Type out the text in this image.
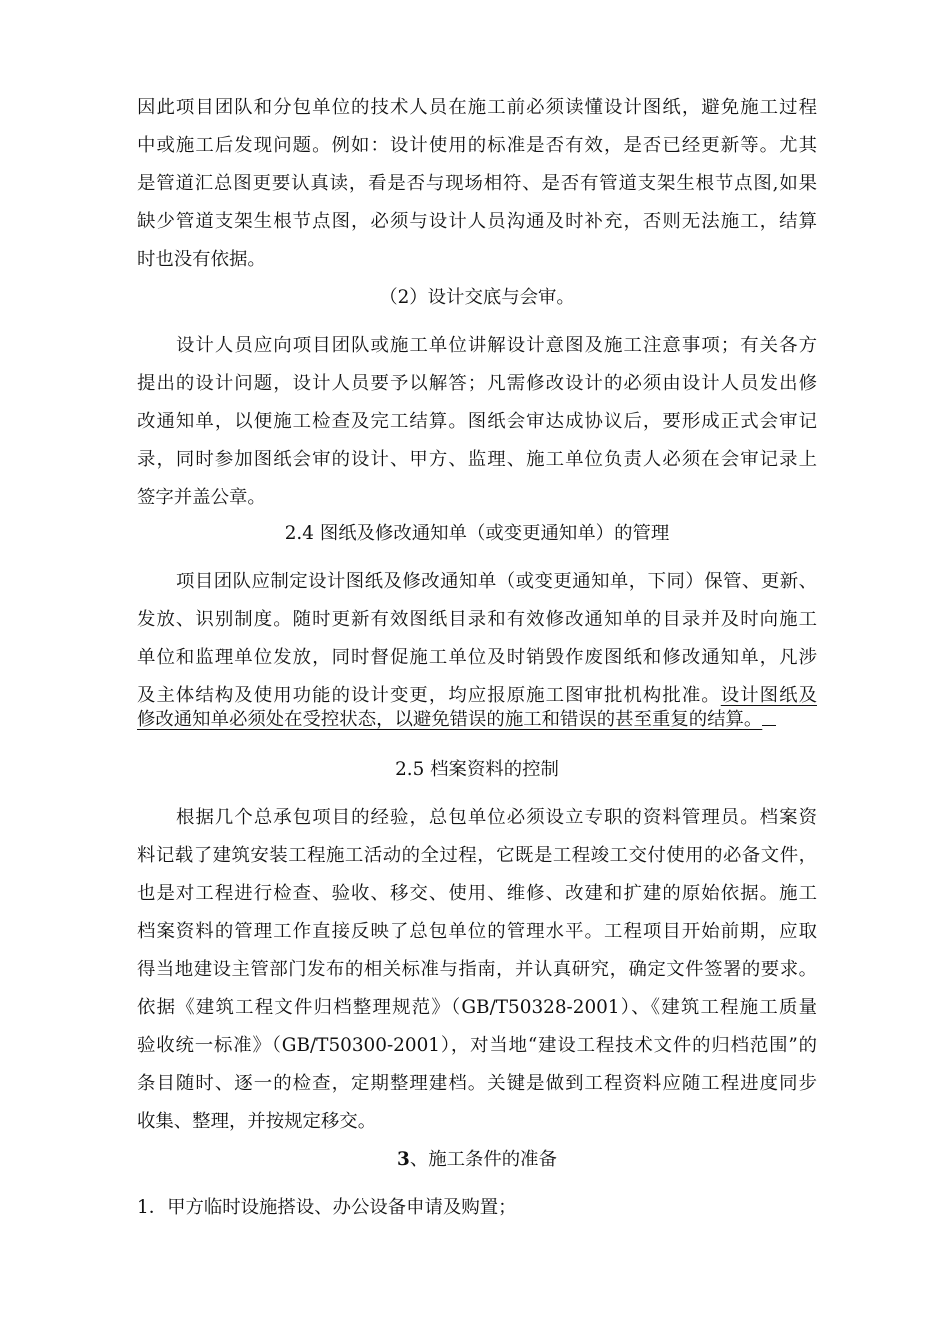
因此项目团队和分包单位的技术人员在施工前必须读懂设计图纸，避免施工过程
中或施工后发现问题。例如：设计使用的标准是否有效，是否已经更新等。尤其
是管道汇总图更要认真读，看是否与现场相符、是否有管道支架生根节点图,如果
缺少管道支架生根节点图，必须与设计人员沟通及时补充，否则无法施工，结算
时也没有依据。
（2）设计交底与会审。
设计人员应向项目团队或施工单位讲解设计意图及施工注意事项；有关各方
提出的设计问题，设计人员要予以解答；凡需修改设计的必须由设计人员发出修
改通知单，以便施工检查及完工结算。图纸会审达成协议后，要形成正式会审记
录，同时参加图纸会审的设计、甲方、监理、施工单位负责人必须在会审记录上
签字并盖公章。
2.4 图纸及修改通知单（或变更通知单）的管理
项目团队应制定设计图纸及修改通知单（或变更通知单，下同）保管、更新、
发放、识别制度。随时更新有效图纸目录和有效修改通知单的目录并及时向施工
单位和监理单位发放，同时督促施工单位及时销毁作废图纸和修改通知单，凡涉
及主体结构及使用功能的设计变更，均应报原施工图审批机构批准。设计图纸及
修改通知单必须处在受控状态，以避免错误的施工和错误的甚至重复的结算。
2.5 档案资料的控制
根据几个总承包项目的经验，总包单位必须设立专职的资料管理员。档案资
料记载了建筑安装工程施工活动的全过程，它既是工程竣工交付使用的必备文件，
也是对工程进行检查、验收、移交、使用、维修、改建和扩建的原始依据。施工
档案资料的管理工作直接反映了总包单位的管理水平。工程项目开始前期，应取
得当地建设主管部门发布的相关标准与指南，并认真研究，确定文件签署的要求。
依据《建筑工程文件归档整理规范》（GB/T50328-2001）、《建筑工程施工质量
验收统一标准》（GB/T50300-2001），对当地“建设工程技术文件的归档范围”的
条目随时、逐一的检查，定期整理建档。关键是做到工程资料应随工程进度同步
收集、整理，并按规定移交。
3、施工条件的准备
1．甲方临时设施搭设、办公设备申请及购置；
